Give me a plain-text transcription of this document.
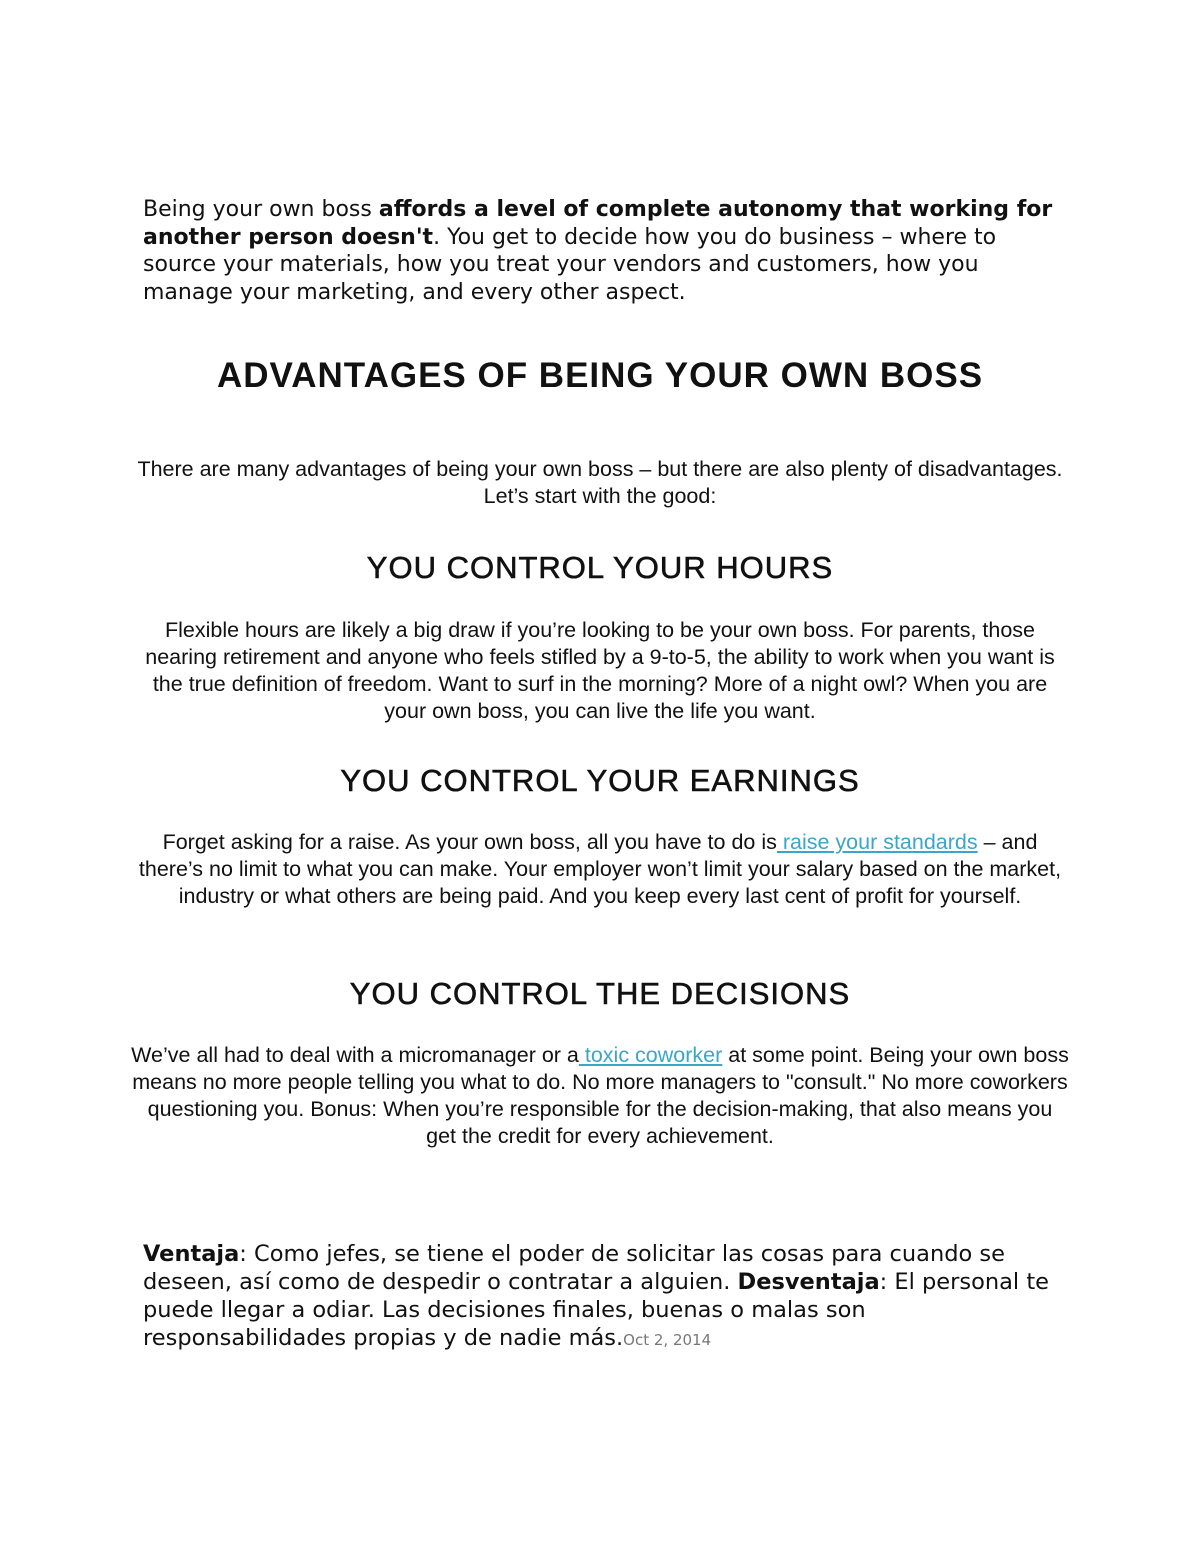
Being your own boss affords a level of complete autonomy that working for another person doesn't. You get to decide how you do business – where to source your materials, how you treat your vendors and customers, how you manage your marketing, and every other aspect.

ADVANTAGES OF BEING YOUR OWN BOSS

There are many advantages of being your own boss – but there are also plenty of disadvantages. Let’s start with the good:

YOU CONTROL YOUR HOURS

Flexible hours are likely a big draw if you’re looking to be your own boss. For parents, those nearing retirement and anyone who feels stifled by a 9-to-5, the ability to work when you want is the true definition of freedom. Want to surf in the morning? More of a night owl? When you are your own boss, you can live the life you want.

YOU CONTROL YOUR EARNINGS

Forget asking for a raise. As your own boss, all you have to do is raise your standards – and there’s no limit to what you can make. Your employer won’t limit your salary based on the market, industry or what others are being paid. And you keep every last cent of profit for yourself.

YOU CONTROL THE DECISIONS

We’ve all had to deal with a micromanager or a toxic coworker at some point. Being your own boss means no more people telling you what to do. No more managers to "consult." No more coworkers questioning you. Bonus: When you’re responsible for the decision-making, that also means you get the credit for every achievement.

Ventaja: Como jefes, se tiene el poder de solicitar las cosas para cuando se deseen, así como de despedir o contratar a alguien. Desventaja: El personal te puede llegar a odiar. Las decisiones finales, buenas o malas son responsabilidades propias y de nadie más.Oct 2, 2014
